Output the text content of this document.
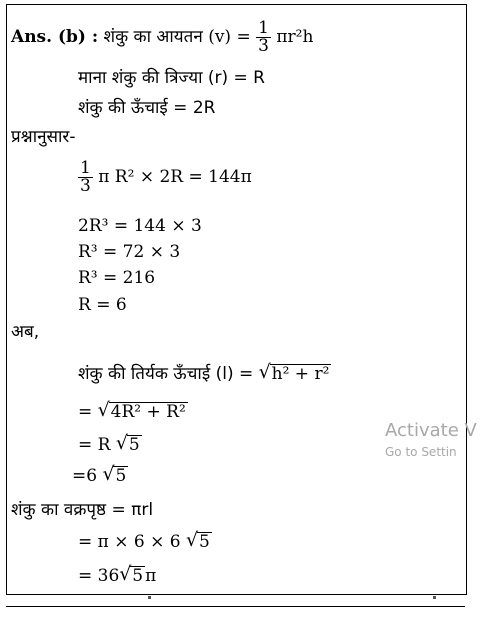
Ans. (b) : शंकु का आयतन $(v) = \frac{1}{3} \pi r^2h$
माना शंकु की त्रिज्या (r) = R
शंकु की ऊँचाई = 2R
प्रश्नानुसार-
$\frac{1}{3}$ π R² × 2R = 144π
2R³ = 144 × 3
R³ = 72 × 3
R³ = 216
R = 6
अब,
शंकु की तिर्यक ऊँचाई (l) = √ h² + r²
= √ 4R² + R²
= R √ 5
=6 √ 5
शंकु का वक्रपृष्ठ = πrl
= π × 6 × 6 √ 5
= 36 √ 5 π
Activate V
Go to Settin
